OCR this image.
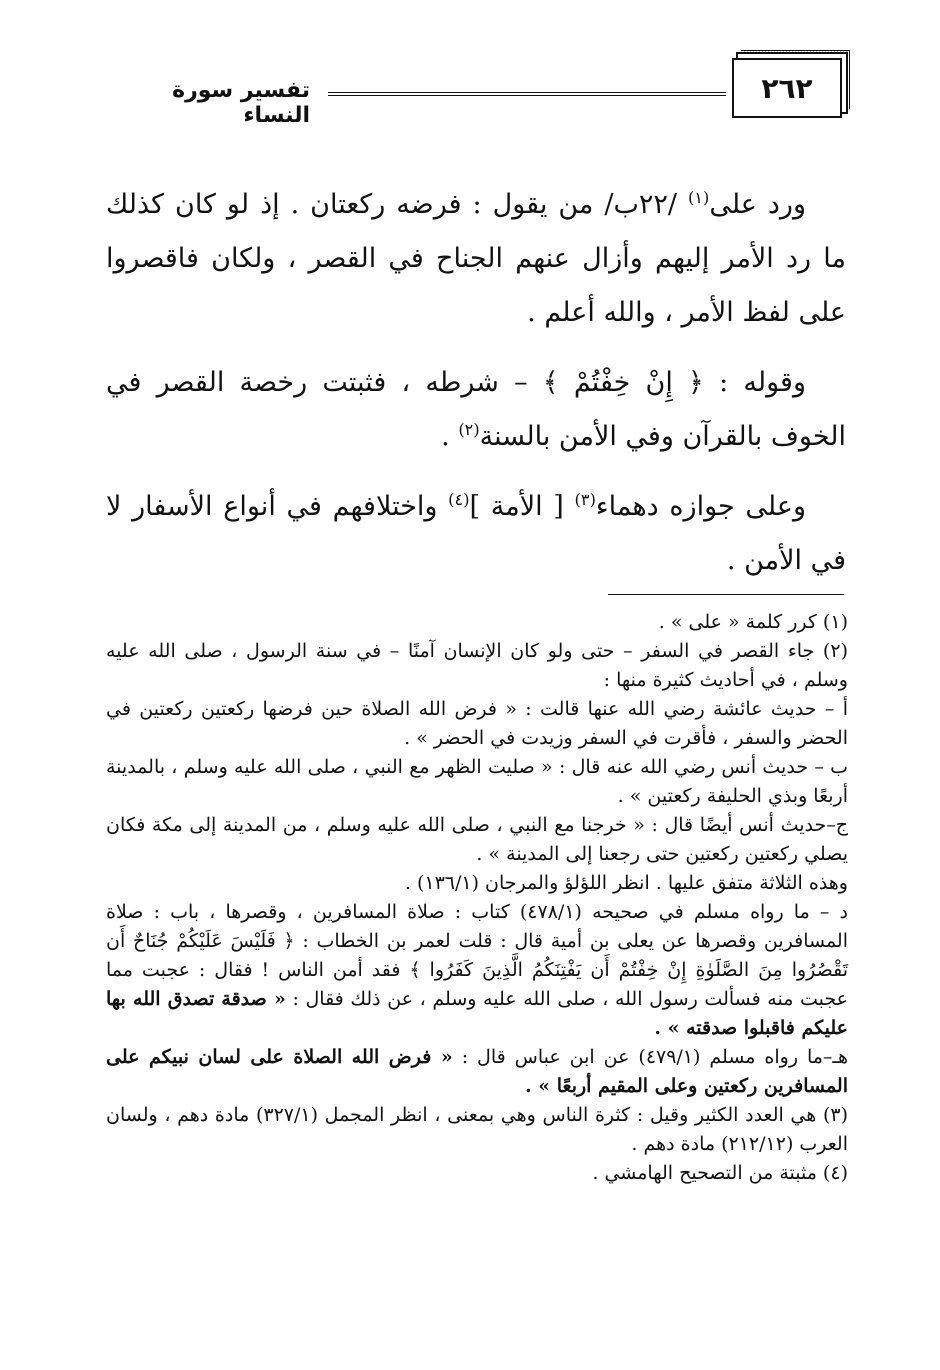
٢٦٢
تفسير سورة النساء

ورد على$^{(١)}$ /٢٢ب/ من يقول : فرضه ركعتان . إذ لو كان كذلك ما رد الأمر إليهم وأزال عنهم الجناح في القصر ، ولكان فاقصروا على لفظ الأمر ، والله أعلم .

وقوله : ﴿ إِنْ خِفْتُمْ ﴾ – شرطه ، فثبتت رخصة القصر في الخوف بالقرآن وفي الأمن بالسنة$^{(٢)}$ .

وعلى جوازه دهماء$^{(٣)}$ [ الأمة ]$^{(٤)}$ واختلافهم في أنواع الأسفار لا في الأمن .

(١) كرر كلمة « على » .

(٢) جاء القصر في السفر – حتى ولو كان الإنسان آمنًا – في سنة الرسول ، صلى الله عليه وسلم ، في أحاديث كثيرة منها :

أ – حديث عائشة رضي الله عنها قالت : « فرض الله الصلاة حين فرضها ركعتين ركعتين في الحضر والسفر ، فأقرت في السفر وزيدت في الحضر » .

ب – حديث أنس رضي الله عنه قال : « صليت الظهر مع النبي ، صلى الله عليه وسلم ، بالمدينة أربعًا وبذي الحليفة ركعتين » .

ج–حديث أنس أيضًا قال : « خرجنا مع النبي ، صلى الله عليه وسلم ، من المدينة إلى مكة فكان يصلي ركعتين ركعتين حتى رجعنا إلى المدينة » .

وهذه الثلاثة متفق عليها . انظر اللؤلؤ والمرجان (١٣٦/١) .

د – ما رواه مسلم في صحيحه (٤٧٨/١) كتاب : صلاة المسافرين ، وقصرها ، باب : صلاة المسافرين وقصرها عن يعلى بن أمية قال : قلت لعمر بن الخطاب : ﴿ فَلَيْسَ عَلَيْكُمْ جُنَاحٌ أَن تَقْصُرُوا مِنَ الصَّلَوٰةِ إِنْ خِفْتُمْ أَن يَفْتِنَكُمُ الَّذِينَ كَفَرُوا ﴾ فقد أمن الناس ! فقال : عجبت مما عجبت منه فسألت رسول الله ، صلى الله عليه وسلم ، عن ذلك فقال : « صدقة تصدق الله بها عليكم فاقبلوا صدقته » .

هـ–ما رواه مسلم (٤٧٩/١) عن ابن عباس قال : « فرض الله الصلاة على لسان نبيكم على المسافرين ركعتين وعلى المقيم أربعًا » .

(٣) هي العدد الكثير وقيل : كثرة الناس وهي بمعنى ، انظر المجمل (٣٢٧/١) مادة دهم ، ولسان العرب (٢١٢/١٢) مادة دهم .

(٤) مثبتة من التصحيح الهامشي .
